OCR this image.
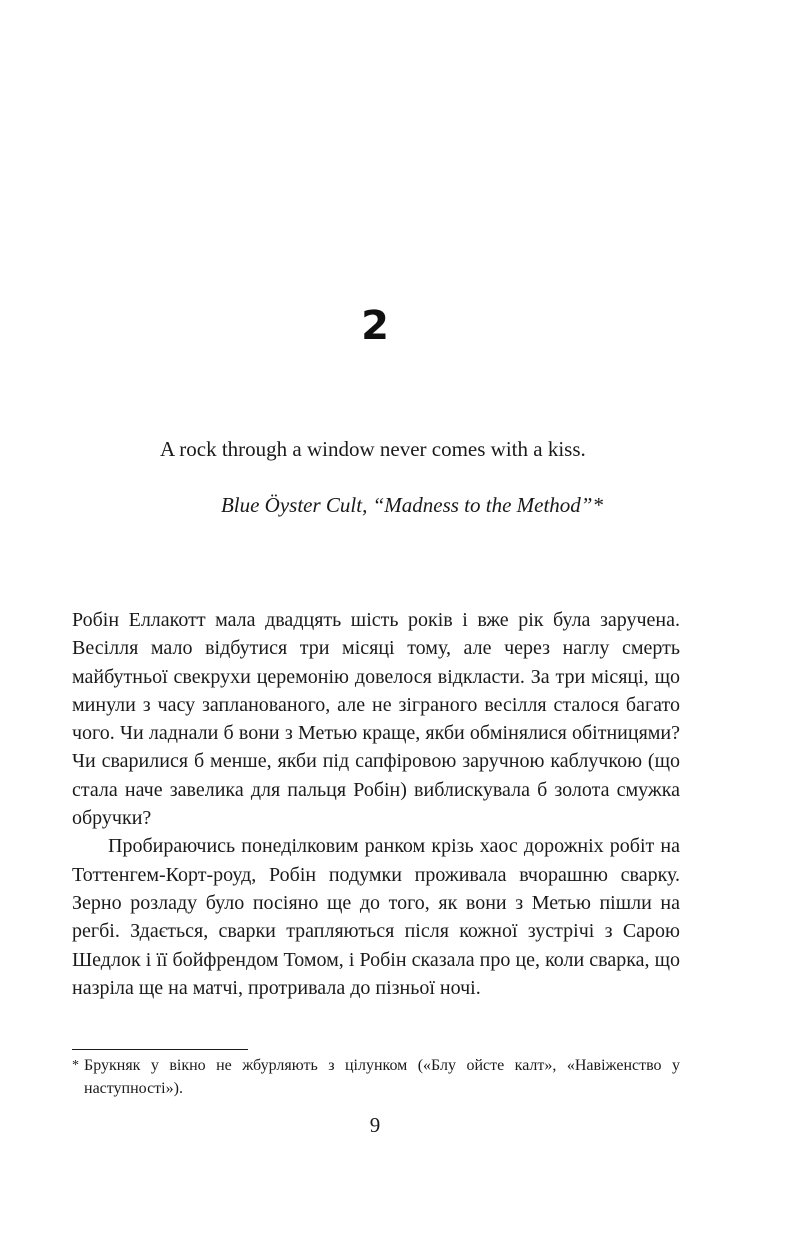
2
A rock through a window never comes with a kiss.
Blue Öyster Cult, “Madness to the Method”*

Робін Еллакотт мала двадцять шість років і вже рік була заручена. Весілля мало відбутися три місяці тому, але через наглу смерть майбутньої свекрухи церемонію довелося відкласти. За три місяці, що минули з часу запланованого, але не зіграного весілля сталося багато чого. Чи ладнали б вони з Метью краще, якби обмінялися обітницями? Чи сварилися б менше, якби під сапфіровою заручною каблучкою (що стала наче завелика для пальця Робін) виблискувала б золота смужка обручки?

Пробираючись понеділковим ранком крізь хаос дорожніх робіт на Тоттенгем-Корт-роуд, Робін подумки проживала вчорашню сварку. Зерно розладу було посіяно ще до того, як вони з Метью пішли на регбі. Здається, сварки трапляються після кожної зустрічі з Сарою Шедлок і її бойфрендом Томом, і Робін сказала про це, коли сварка, що назріла ще на матчі, протривала до пізньої ночі.

* Брукняк у вікно не жбурляють з цілунком («Блу ойсте калт», «Навіженство у наступності»).
9
